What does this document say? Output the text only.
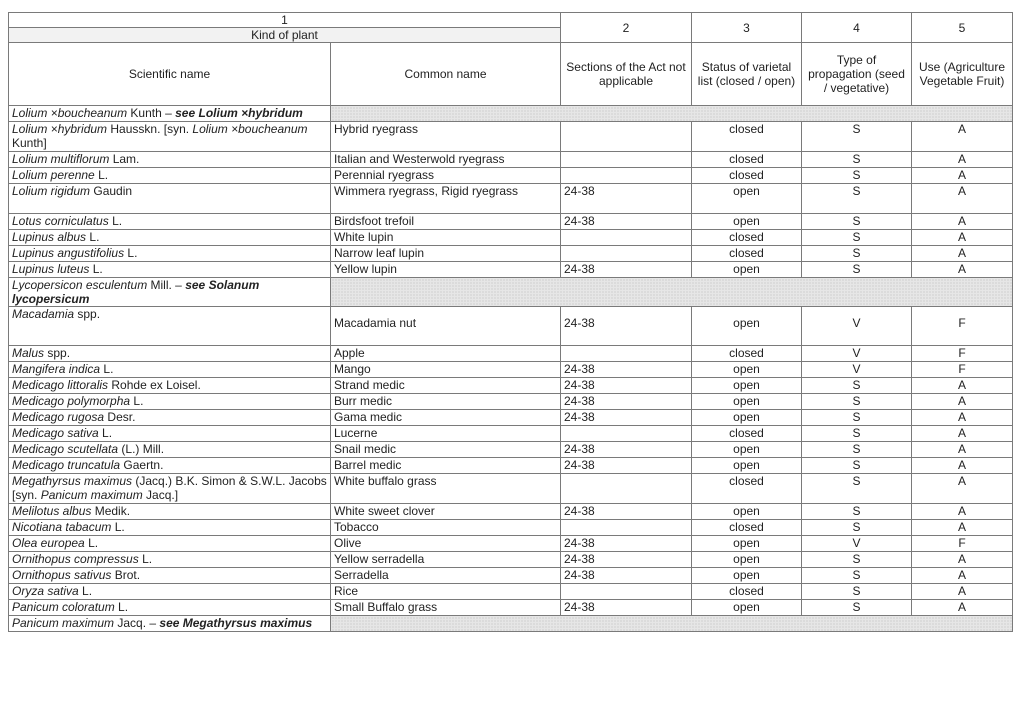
1		2	3	4	5
Kind of plant					
Scientific name	Common name	Sections of the Act not applicable	Status of varietal list (closed / open)	Type of propagation (seed / vegetative)	Use (Agriculture Vegetable Fruit)
Lolium ×boucheanum Kunth – see Lolium ×hybridum					
Lolium ×hybridum Hausskn. [syn. Lolium ×boucheanum Kunth]	Hybrid ryegrass		closed	S	A
Lolium multiflorum Lam.	Italian and Westerwold ryegrass		closed	S	A
Lolium perenne L.	Perennial ryegrass		closed	S	A
Lolium rigidum Gaudin	Wimmera ryegrass, Rigid ryegrass	24-38	open	S	A
Lotus corniculatus L.	Birdsfoot trefoil	24-38	open	S	A
Lupinus albus L.	White lupin		closed	S	A
Lupinus angustifolius L.	Narrow leaf lupin		closed	S	A
Lupinus luteus L.	Yellow lupin	24-38	open	S	A
Lycopersicon esculentum Mill. – see Solanum lycopersicum					
Macadamia spp.	Macadamia nut	24-38	open	V	F
Malus spp.	Apple		closed	V	F
Mangifera indica L.	Mango	24-38	open	V	F
Medicago littoralis Rohde ex Loisel.	Strand medic	24-38	open	S	A
Medicago polymorpha L.	Burr medic	24-38	open	S	A
Medicago rugosa Desr.	Gama medic	24-38	open	S	A
Medicago sativa L.	Lucerne		closed	S	A
Medicago scutellata (L.) Mill.	Snail medic	24-38	open	S	A
Medicago truncatula Gaertn.	Barrel medic	24-38	open	S	A
Megathyrsus maximus (Jacq.) B.K. Simon & S.W.L. Jacobs [syn. Panicum maximum Jacq.]	White buffalo grass		closed	S	A
Melilotus albus Medik.	White sweet clover	24-38	open	S	A
Nicotiana tabacum L.	Tobacco		closed	S	A
Olea europea L.	Olive	24-38	open	V	F
Ornithopus compressus L.	Yellow serradella	24-38	open	S	A
Ornithopus sativus Brot.	Serradella	24-38	open	S	A
Oryza sativa L.	Rice		closed	S	A
Panicum coloratum L.	Small Buffalo grass	24-38	open	S	A
Panicum maximum Jacq. – see Megathyrsus maximus					
